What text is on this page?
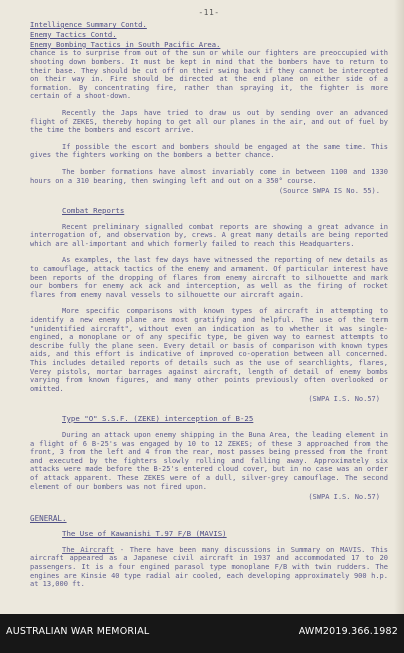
-11-
Intelligence Summary Contd.
Enemy Tactics Contd.
Enemy Bombing Tactics in South Pacific Area.

chance is to surprise from out of the sun or while our fighters are preoccupied with shooting down bombers. It must be kept in mind that the bombers have to return to their base. They should be cut off on their swing back if they cannot be intercepted on their way in. Fire should be directed at the end plane on either side of a formation. By concentrating fire, rather than spraying it, the fighter is more certain of a shoot-down.

Recently the Japs have tried to draw us out by sending over an advanced flight of ZEKES, thereby hoping to get all our planes in the air, and out of fuel by the time the bombers and escort arrive.

If possible the escort and bombers should be engaged at the same time. This gives the fighters working on the bombers a better chance.

The bomber formations have almost invariably come in between 1100 and 1330 hours on a 310 bearing, then swinging left and out on a 350° course.

(Source SWPA IS No. 55).
Combat Reports

Recent preliminary signalled combat reports are showing a great advance in interrogation of, and observation by, crews. A great many details are being reported which are all-important and which formerly failed to reach this Headquarters.

As examples, the last few days have witnessed the reporting of new details as to camouflage, attack tactics of the enemy and armament. Of particular interest have been reports of the dropping of flares from enemy aircraft to silhouette and mark our bombers for enemy ack ack and interception, as well as the firing of rocket flares from enemy naval vessels to silhouette our aircraft again.

More specific comparisons with known types of aircraft in attempting to identify a new enemy plane are most gratifying and helpful. The use of the term "unidentified aircraft", without even an indication as to whether it was single-engined, a monoplane or of any specific type, be given way to earnest attempts to describe fully the plane seen. Every detail or basis of comparison with known types aids, and this effort is indicative of improved co-operation between all concerned. This includes detailed reports of details such as the use of searchlights, flares, Verey pistols, mortar barrages against aircraft, length of detail of enemy bombs varying from known figures, and many other points previously often overlooked or omitted.

(SWPA I.S. No.57)
Type "O" S.S.F. (ZEKE) interception of B-25

During an attack upon enemy shipping in the Buna Area, the leading element in a flight of 6 B-25's was engaged by 10 to 12 ZEKES; of these 3 approached from the front, 3 from the left and 4 from the rear, most passes being pressed from the front and executed by the fighters slowly rolling and falling away. Approximately six attacks were made before the B-25's entered cloud cover, but in no case was an order of attack apparent. These ZEKES were of a dull, silver-grey camouflage. The second element of our bombers was not fired upon.

(SWPA I.S. No.57)
GENERAL.
The Use of Kawanishi T.97 F/B (MAVIS)

The Aircraft - There have been many discussions in Summary on MAVIS. This aircraft appeared as a Japanese civil aircraft in 1937 and accommodated 17 to 20 passengers. It is a four engined parasol type monoplane F/B with twin rudders. The engines are Kinsie 40 type radial air cooled, each developing approximately 900 h.p. at 13,000 ft.

AUSTRALIAN WAR MEMORIAL	AWM2019.366.1982
